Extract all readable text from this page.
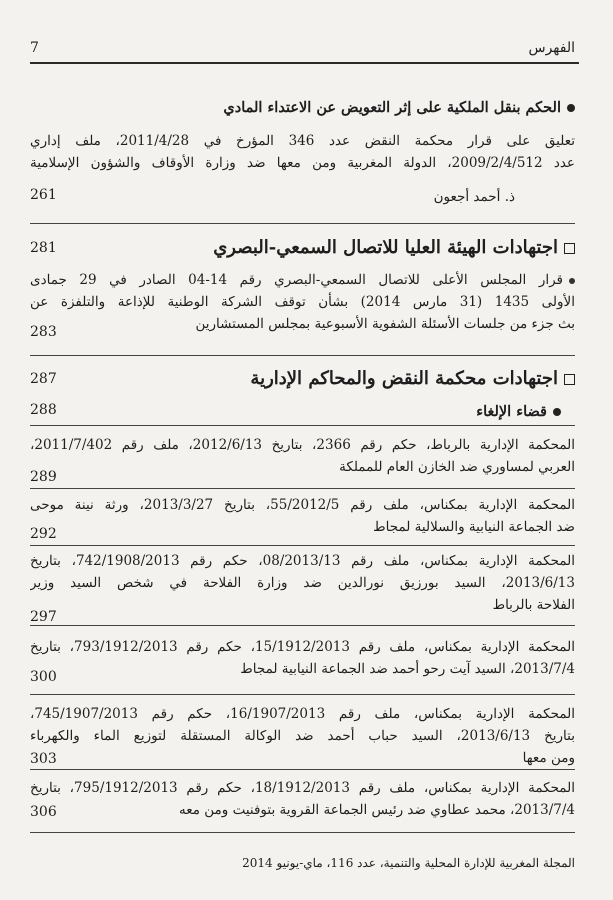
7	الفهرس
الحكم بنقل الملكية على إثر التعويض عن الاعتداء المادي
تعليق على قرار محكمة النقض عدد 346 المؤرخ في 2011/4/28، ملف إداري
عدد 2009/2/4/512، الدولة المغربية ومن معها ضد وزارة الأوقاف والشؤون الإسلامية
ذ. أحمد أجعون
261
اجتهادات الهيئة العليا للاتصال السمعي-البصري
281
قرار المجلس الأعلى للاتصال السمعي-البصري رقم 14-04 الصادر في 29 جمادى
الأولى 1435 (31 مارس 2014) بشأن توقف الشركة الوطنية للإذاعة والتلفزة عن
بث جزء من جلسات الأسئلة الشفوية الأسبوعية بمجلس المستشارين
283
اجتهادات محكمة النقض والمحاكم الإدارية
287
قضاء الإلغاء
288
المحكمة الإدارية بالرباط، حكم رقم 2366، بتاريخ 2012/6/13، ملف رقم 2011/7/402،
العربي لمساوري ضد الخازن العام للمملكة
289
المحكمة الإدارية بمكناس، ملف رقم 55/2012/5، بتاريخ 2013/3/27، ورثة نينة موحى
ضد الجماعة النيابية والسلالية لمجاط
292
المحكمة الإدارية بمكناس، ملف رقم 08/2013/13، حكم رقم 742/1908/2013، بتاريخ
2013/6/13، السيد بورزيق نورالدين ضد وزارة الفلاحة في شخص السيد وزير
الفلاحة بالرباط
297
المحكمة الإدارية بمكناس، ملف رقم 15/1912/2013، حكم رقم 793/1912/2013، بتاريخ
2013/7/4، السيد آيت رحو أحمد ضد الجماعة النيابية لمجاط
300
المحكمة الإدارية بمكناس، ملف رقم 16/1907/2013، حكم رقم 745/1907/2013،
بتاريخ 2013/6/13، السيد حباب أحمد ضد الوكالة المستقلة لتوزيع الماء والكهرباء
ومن معها
303
المحكمة الإدارية بمكناس، ملف رقم 18/1912/2013، حكم رقم 795/1912/2013، بتاريخ
2013/7/4، محمد عطاوي ضد رئيس الجماعة القروية بتوفنيت ومن معه
306
المجلة المغربية للإدارة المحلية والتنمية، عدد 116، ماي-يونيو 2014
